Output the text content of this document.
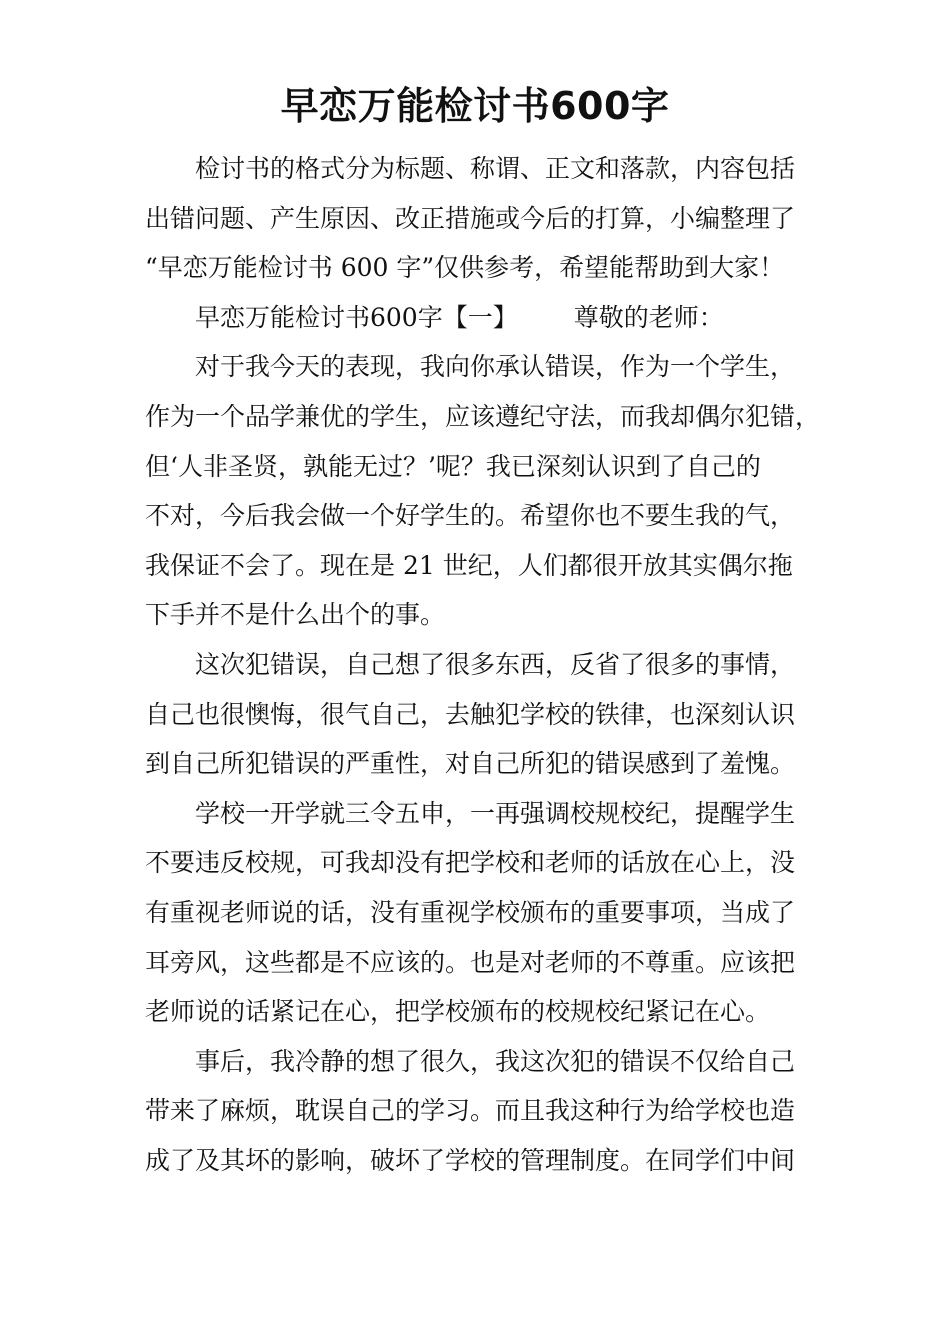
早恋万能检讨书600字
检讨书的格式分为标题、称谓、正文和落款，内容包括
出错问题、产生原因、改正措施或今后的打算，小编整理了
“早恋万能检讨书 600 字”仅供参考，希望能帮助到大家！
早恋万能检讨书600字【一】 尊敬的老师：
对于我今天的表现，我向你承认错误，作为一个学生，
作为一个品学兼优的学生，应该遵纪守法，而我却偶尔犯错，
但‘人非圣贤，孰能无过？’呢？我已深刻认识到了自己的
不对，今后我会做一个好学生的。希望你也不要生我的气，
我保证不会了。现在是 21 世纪，人们都很开放其实偶尔拖
下手并不是什么出个的事。
这次犯错误，自己想了很多东西，反省了很多的事情，
自己也很懊悔，很气自己，去触犯学校的铁律，也深刻认识
到自己所犯错误的严重性，对自己所犯的错误感到了羞愧。
学校一开学就三令五申，一再强调校规校纪，提醒学生
不要违反校规，可我却没有把学校和老师的话放在心上，没
有重视老师说的话，没有重视学校颁布的重要事项，当成了
耳旁风，这些都是不应该的。也是对老师的不尊重。应该把
老师说的话紧记在心，把学校颁布的校规校纪紧记在心。
事后，我冷静的想了很久，我这次犯的错误不仅给自己
带来了麻烦，耽误自己的学习。而且我这种行为给学校也造
成了及其坏的影响，破坏了学校的管理制度。在同学们中间
